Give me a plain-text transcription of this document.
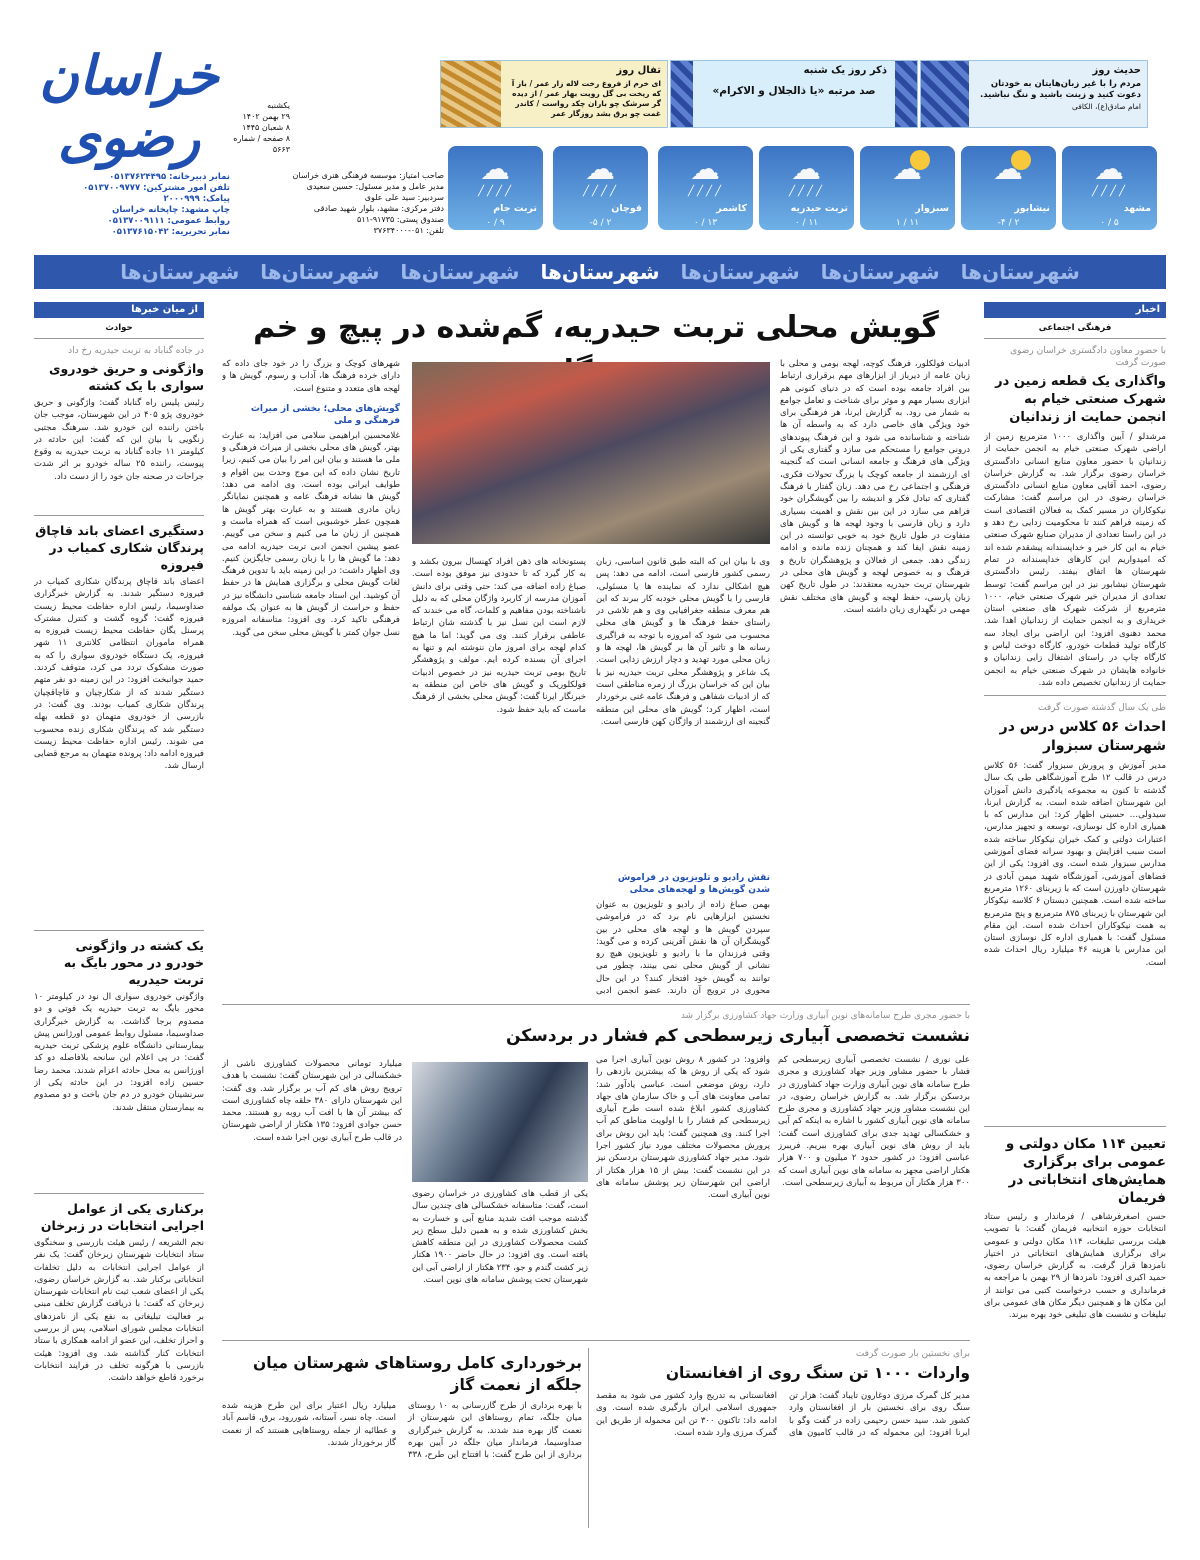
خراسان رضوی	یکشنبه
۲۹ بهمن ۱۴۰۲
۸ شعبان ۱۴۴۵
۸ صفحه / شماره ۵۶۶۳
صاحب امتیاز: موسسه فرهنگی هنری خراسان
مدیر عامل و مدیر مسئول: حسین سعیدی
سردبیر: سید علی علوی
دفتر مرکزی: مشهد، بلوار شهید صادقی
صندوق پستی: ۹۱۷۳۵-۵۱۱
تلفن: ۰۵۱-۳۷۶۳۴۰۰۰
نمابر دبیرخانه: ۰۵۱۳۷۶۲۴۴۹۵
تلفن امور مشترکین: ۰۵۱۳۷۰۰۹۷۷۷
پیامک: ۲۰۰۰۹۹۹
چاپ مشهد: چاپخانه خراسان
روابط عمومی: ۰۵۱۳۷۰۰۹۱۱۱
نمابر تحریریه: ۰۵۱۳۷۶۱۵۰۴۲
حدیث روز
مردم را با غیر زبان‌هایتان به خودتان دعوت کنید و زینت باشید و ننگ نباشید.
امام صادق(ع)، الکافی
ذکر روز یک شنبه
صد مرتبه «یا ذالجلال و الاکرام»
تفال روز
ای خرم از فروغ رخت لاله زار عمر / باز آ که ریخت بی گل رویت بهار عمر / از دیده گر سرشک چو باران چکد رواست / کاندر غمت چو برق بشد روزگار عمر
☁
╱╱╱╱
مشهد
۰ / ۵
☁
نیشابور
-۴ / ۲
☁
سبزوار
۱ / ۱۱
☁
╱╱╱╱
تربت حیدریه
۰ / ۱۱
☁
╱╱╱╱
کاشمر
۰ / ۱۳
☁
╱╱╱╱
قوچان
-۵ / ۲
☁
╱╱╱╱
تربت جام
۰ / ۹
شهرستان‌ها شهرستان‌ها شهرستان‌ها شهرستان‌ها شهرستان‌ها شهرستان‌ها شهرستان‌ها
اخبار
فرهنگی اجتماعی
با حضور معاون دادگستری خراسان رضوی صورت گرفت
واگذاری یک قطعه زمین در شهرک صنعتی خیام به انجمن حمایت از زندانیان
مرشدلو / آیین واگذاری ۱۰۰۰ مترمربع زمین از اراضی شهرک صنعتی خیام به انجمن حمایت از زندانیان با حضور معاون منابع انسانی دادگستری خراسان رضوی برگزار شد. به گزارش خراسان رضوی، احمد آقایی معاون منابع انسانی دادگستری خراسان رضوی در این مراسم گفت: مشارکت نیکوکاران در مسیر کمک به فعالان اقتصادی است که زمینه فراهم کنند تا محکومیت زدایی رخ دهد و در این راستا تعدادی از مدیران صنایع شهرک صنعتی خیام به این کار خیر و خداپسندانه پیشقدم شده اند که امیدواریم این کارهای خداپسندانه در تمام شهرستان ها اتفاق بیفتد. رئیس دادگستری شهرستان نیشابور نیز در این مراسم گفت: توسط تعدادی از مدیران خیر شهرک صنعتی خیام، ۱۰۰۰ مترمربع از شرکت شهرک های صنعتی استان خریداری و به انجمن حمایت از زندانیان اهدا شد. محمد دهنوی افزود: این اراضی برای ایجاد سه کارگاه تولید قطعات خودرو، کارگاه دوخت لباس و کارگاه چاپ در راستای اشتغال زایی زندانیان و خانواده هایشان در شهرک صنعتی خیام به انجمن حمایت از زندانیان تخصیص داده شد.
طی یک سال گذشته صورت گرفت
احداث ۵۶ کلاس درس در شهرستان سبزوار
مدیر آموزش و پرورش سبزوار گفت: ۵۶ کلاس درس در قالب ۱۲ طرح آموزشگاهی طی یک سال گذشته تا کنون به مجموعه یادگیری دانش آموزان این شهرستان اضافه شده است. به گزارش ایرنا، سیدولی… حسینی اظهار کرد: این مدارس که با همیاری اداره کل نوسازی، توسعه و تجهیز مدارس، اعتبارات دولتی و کمک خیران نیکوکار ساخته شده است سبب افزایش و بهبود سرانه فضای آموزشی مدارس سبزوار شده است. وی افزود: یکی از این فضاهای آموزشی، آموزشگاه شهید میمن آبادی در شهرستان داورزن است که با زیربنای ۱۲۶۰ مترمربع ساخته شده است. همچنین دبستان ۶ کلاسه نیکوکار این شهرستان با زیربنای ۸۷۵ مترمربع و پنج مترمربع به همت نیکوکاران احداث شده است. این مقام مسئول گفت: با همیاری اداره کل نوسازی استان این مدارس با هزینه ۴۶ میلیارد ریال احداث شده است.
تعیین ۱۱۴ مکان دولتی و عمومی برای برگزاری همایش‌های انتخاباتی در فریمان
حسن اصغرفرشاهی / فرماندار و رئیس ستاد انتخابات حوزه انتخابیه فریمان گفت: با تصویب هیئت بررسی تبلیغات، ۱۱۴ مکان دولتی و عمومی برای برگزاری همایش‌های انتخاباتی در اختیار نامزدها قرار گرفت. به گزارش خراسان رضوی، حمید اکبری افزود: نامزدها از ۲۹ بهمن با مراجعه به فرمانداری و حسب درخواست کتبی می توانند از این مکان ها و همچنین دیگر مکان های عمومی برای تبلیغات و نشست های تبلیغی خود بهره ببرند.
از میان خبرها
حوادث
در جاده گناباد به تربت حیدریه رخ داد
واژگونی و حریق خودروی سواری با یک کشته
رئیس پلیس راه گناباد گفت: واژگونی و حریق خودروی پژو ۴۰۵ در این شهرستان، موجب جان باختن راننده این خودرو شد. سرهنگ مجتبی زنگویی با بیان این که گفت: این حادثه در کیلومتر ۱۱ جاده گناباد به تربت حیدریه به وقوع پیوست، راننده ۲۵ ساله خودرو بر اثر شدت جراحات در صحنه جان خود را از دست داد.
دستگیری اعضای باند قاچاق پرندگان شکاری کمیاب در فیروزه
اعضای باند قاچاق پرندگان شکاری کمیاب در فیروزه دستگیر شدند. به گزارش خبرگزاری صداوسیما، رئیس اداره حفاظت محیط زیست فیروزه گفت: گروه گشت و کنترل مشترک پرسنل یگان حفاظت محیط زیست فیروزه به همراه ماموران انتظامی کلانتری ۱۱ شهر فیروزه، یک دستگاه خودروی سواری را که به صورت مشکوک تردد می کرد، متوقف کردند. حمید جوانبخت افزود: در این زمینه دو نفر متهم دستگیر شدند که از شکارچیان و قاچاقچیان پرندگان شکاری کمیاب بودند. وی گفت: در بازرسی از خودروی متهمان دو قطعه بهله دستگیر شد که پرندگان شکاری زنده محسوب می شوند. رئیس اداره حفاظت محیط زیست فیروزه ادامه داد: پرونده متهمان به مرجع قضایی ارسال شد.
یک کشته در واژگونی خودرو در محور بایگ به تربت حیدریه
واژگونی خودروی سواری ال نود در کیلومتر ۱۰ محور بایگ به تربت حیدریه یک فوتی و دو مصدوم برجا گذاشت. به گزارش خبرگزاری صداوسیما، مسئول روابط عمومی اورژانس پیش بیمارستانی دانشگاه علوم پزشکی تربت حیدریه گفت: در پی اعلام این سانحه بلافاصله دو کد اورژانس به محل حادثه اعزام شدند. محمد رضا حسین زاده افزود: در این حادثه یکی از سرنشینان خودرو در دم جان باخت و دو مصدوم به بیمارستان منتقل شدند.
برکناری یکی از عوامل اجرایی انتخابات در زبرخان
نجم الشریعه / رئیس هیئت بازرسی و سخنگوی ستاد انتخابات شهرستان زبرخان گفت: یک نفر از عوامل اجرایی انتخابات به دلیل تخلفات انتخاباتی برکنار شد. به گزارش خراسان رضوی، یکی از اعضای شعب ثبت نام انتخابات شهرستان زبرخان که گفت: با دریافت گزارش تخلف مبنی بر فعالیت تبلیغاتی به نفع یکی از نامزدهای انتخابات مجلس شورای اسلامی، پس از بررسی و احراز تخلف، این عضو از ادامه همکاری با ستاد انتخابات کنار گذاشته شد. وی افزود: هیئت بازرسی با هرگونه تخلف در فرایند انتخابات برخورد قاطع خواهد داشت.
گویش محلی تربت حیدریه، گم‌شده در پیچ و خم
ادبیات فولکلور، فرهنگ کوچه، لهجه بومی و محلی با زبان عامه از دیرباز از ابزارهای مهم برقراری ارتباط بین افراد جامعه بوده است که در دنیای کنونی هم ابزاری بسیار مهم و موثر برای شناخت و تعامل جوامع به شمار می رود. به گزارش ایرنا، هر فرهنگی برای خود ویژگی های خاصی دارد که به واسطه آن ها شناخته و شناسانده می شود و این فرهنگ پیوندهای درونی جوامع را مستحکم می سازد و گفتاری یکی از ویژگی های فرهنگ و جامعه انسانی است که گنجینه ای ارزشمند از جامعه کوچک یا بزرگ تحولات فکری، فرهنگی و اجتماعی رخ می دهد. زبان گفتار با فرهنگ گفتاری که تبادل فکر و اندیشه را بین گویشگران خود فراهم می سازد در این بین نقش و اهمیت بسیاری دارد و زبان فارسی با وجود لهجه ها و گویش های متفاوت در طول تاریخ خود به خوبی توانسته در این زمینه نقش ایفا کند و همچنان زنده مانده و ادامه زندگی دهد. جمعی از فعالان و پژوهشگران تاریخ و فرهنگ و به خصوص لهجه و گویش های محلی در شهرستان تربت حیدریه معتقدند: در طول تاریخ کهن زبان پارسی، حفظ لهجه و گویش های مختلف نقش مهمی در نگهداری زبان داشته است.
وی با بیان این که البته طبق قانون اساسی، زبان رسمی کشور فارسی است، ادامه می دهد: پس هیچ اشکالی ندارد که نماینده ها یا مسئولی، فارسی را با گویش محلی خودبه کار ببرند که این هم معرف منطقه جغرافیایی وی و هم تلاشی در راستای حفظ فرهنگ ها و گویش های محلی محسوب می شود که امروزه با توجه به فراگیری رسانه ها و تاثیر آن ها بر گویش ها، لهجه ها و زبان محلی مورد تهدید و دچار ارزش زدایی است. یک شاعر و پژوهشگر محلی تربت حیدریه نیز با بیان این که خراسان بزرگ از زمره مناطقی است که از ادبیات شفاهی و فرهنگ عامه غنی برخوردار است، اظهار کرد: گویش های محلی این منطقه گنجینه ای ارزشمند از واژگان کهن فارسی است.
نقش رادیو و تلویزیون در فراموش شدن گویش‌ها و لهجه‌های محلی
بهمن صباغ زاده از رادیو و تلویزیون به عنوان نخستین ابزارهایی نام برد که در فراموشی سپردن گویش ها و لهجه های محلی در بین گویشگران آن ها نقش آفرینی کرده و می گوید: وقتی فرزندان ما با رادیو و تلویزیون هیچ رو نشانی از گویش محلی نمی بینند، چطور می توانند به گویش خود افتخار کنند؟ در این حال محوری در ترویج آن دارند. عضو انجمن ادبی
پستونخانه های ذهن افراد کهنسال بیرون بکشد و به کار گیرد که تا حدودی نیز موفق بوده است. صباغ زاده اضافه می کند: حتی وقتی برای دانش آموزان مدرسه از کاربرد واژگان محلی که به دلیل ناشناخته بودن مفاهیم و کلمات، گاه می خندند که لازم است این نسل نیز با گذشته شان ارتباط عاطفی برقرار کنند. وی می گوید: اما ما هیچ کدام لهجه برای امروز مان ننوشته ایم و تنها به اجرای آن بسنده کرده ایم. مولف و پژوهشگر تاریخ بومی تربت حیدریه نیز در خصوص ادبیات فولکلوریک و گویش های خاص این منطقه به خبرنگار ایرنا گفت: گویش محلی بخشی از فرهنگ ماست که باید حفظ شود.
شهرهای کوچک و بزرگ را در خود جای داده که دارای خرده فرهنگ ها، آداب و رسوم، گویش ها و لهجه های متعدد و متنوع است.
گویش‌های محلی؛ بخشی از میراث فرهنگی و ملی
غلامحسین ابراهیمی سلامی می افزاید: به عبارت بهتر، گویش های محلی بخشی از میراث فرهنگی و ملی ما هستند و بیان این امر را بیان می کنیم، زیرا تاریخ نشان داده که این موج وحدت بین اقوام و طوایف ایرانی بوده است. وی ادامه می دهد: گویش ها نشانه فرهنگ عامه و همچنین نمایانگر زبان مادری هستند و به عبارت بهتر گویش ها همچون عطر خوشبویی است که همراه ماست و همچنین از زبان ما می کنیم و سخن می گوییم. عضو پیشین انجمن ادبی تربت حیدریه ادامه می دهد: ما گویش ها را با زبان رسمی جایگزین کنیم. وی اظهار داشت: در این زمینه باید با تدوین فرهنگ لغات گویش محلی و برگزاری همایش ها در حفظ آن کوشید. این استاد جامعه شناسی دانشگاه نیز در حفظ و حراست از گویش ها به عنوان یک مولفه فرهنگی تاکید کرد. وی افزود: متاسفانه امروزه نسل جوان کمتر با گویش محلی سخن می گوید.
با حضور مجری طرح سامانه‌های نوین آبیاری وزارت جهاد کشاورزی برگزار شد
نشست تخصصی آبیاری زیرسطحی کم فشار در بردسکن
علی نوری / نشست تخصصی آبیاری زیرسطحی کم فشار با حضور مشاور وزیر جهاد کشاورزی و مجری طرح سامانه های نوین آبیاری وزارت جهاد کشاورزی در بردسکن برگزار شد. به گزارش خراسان رضوی، در این نشست مشاور وزیر جهاد کشاورزی و مجری طرح سامانه های نوین آبیاری کشور با اشاره به اینکه کم آبی و خشکسالی تهدید جدی برای کشاورزی است گفت: باید از روش های نوین آبیاری بهره ببریم. فریبرز عباسی افزود: در کشور حدود ۲ میلیون و ۷۰۰ هزار هکتار اراضی مجهز به سامانه های نوین آبیاری است که ۳۰۰ هزار هکتار آن مربوط به آبیاری زیرسطحی است.
وافزود: در کشور ۸ روش نوین آبیاری اجرا می شود که یکی از روش ها که بیشترین بازدهی را دارد، روش موضعی است. عباسی یادآور شد: تمامی معاونت های آب و خاک سازمان های جهاد کشاورزی کشور ابلاغ شده است طرح آبیاری زیرسطحی کم فشار را با اولویت مناطق کم آب اجرا کنند. وی همچنین گفت: باید این روش برای پرورش محصولات مختلف مورد نیاز کشور اجرا شود. مدیر جهاد کشاورزی شهرستان بردسکن نیز در این نشست گفت: بیش از ۱۵ هزار هکتار از اراضی این شهرستان زیر پوشش سامانه های نوین آبیاری است.
یکی از قطب های کشاورزی در خراسان رضوی است، گفت: متاسفانه خشکسالی های چندین سال گذشته موجب افت شدید منابع آبی و خسارت به بخش کشاورزی شده و به همین دلیل سطح زیر کشت محصولات کشاورزی در این منطقه کاهش یافته است. وی افزود: در حال حاضر ۱۹۰۰ هکتار زیر کشت گندم و جو، ۲۳۴ هکتار از اراضی آبی این شهرستان تحت پوشش سامانه های نوین است.
میلیارد تومانی محصولات کشاورزی ناشی از خشکسالی در این شهرستان گفت: نشست با هدف ترویج روش های کم آب بر برگزار شد. وی گفت: این شهرستان دارای ۳۸۰ حلقه چاه کشاورزی است که بیشتر آن ها با افت آب روبه رو هستند. محمد حسن جوادی افزود: ۱۳۵ هکتار از اراضی شهرستان در قالب طرح آبیاری نوین اجرا شده است.
برای نخستین بار صورت گرفت
واردات ۱۰۰۰ تن سنگ روی از افغانستان
مدیر کل گمرک مرزی دوغارون تایباد گفت: هزار تن سنگ روی برای نخستین بار از افغانستان وارد کشور شد. سید حسن رحیمی زاده در گفت وگو با ایرنا افزود: این محموله که در قالب کامیون های افغانستانی به تدریج وارد کشور می شود به مقصد جمهوری اسلامی ایران بارگیری شده است. وی ادامه داد: تاکنون ۳۰۰ تن این محموله از طریق این گمرک مرزی وارد شده است.
برخورداری کامل روستاهای شهرستان میان جلگه از نعمت گاز
با بهره برداری از طرح گازرسانی به ۱۰ روستای میان جلگه، تمام روستاهای این شهرستان از نعمت گاز بهره مند شدند. به گزارش خبرگزاری صداوسیما، فرماندار میان جلگه در آیین بهره برداری از این طرح گفت: با افتتاح این طرح، ۳۳۸ میلیارد ریال اعتبار برای این طرح هزینه شده است. چاه نسر، آستانه، شوررود، برق، قاسم آباد و عطائیه از جمله روستاهایی هستند که از نعمت گاز برخوردار شدند.
